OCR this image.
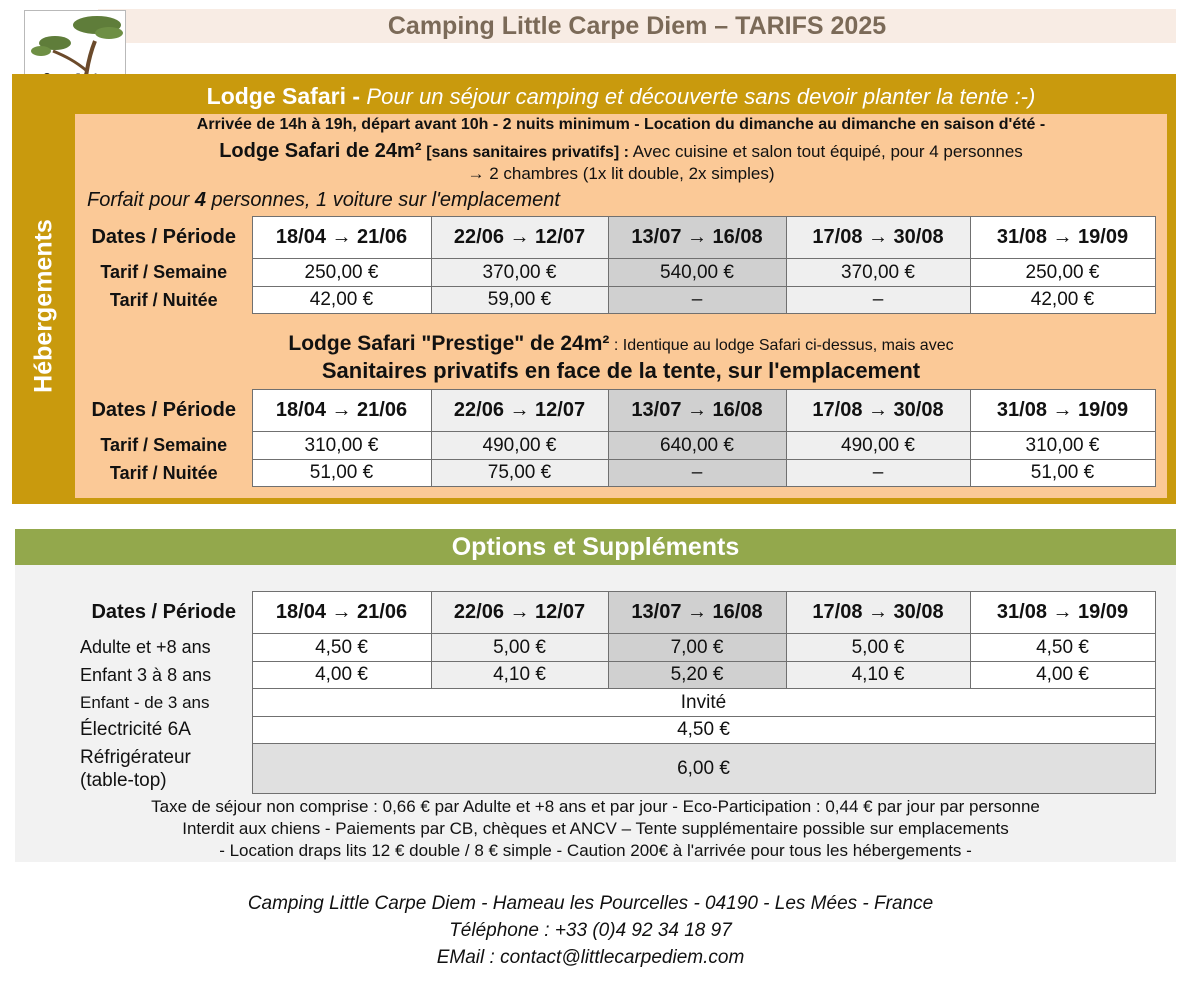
Camping Little Carpe Diem – TARIFS 2025
Lodge Safari - Pour un séjour camping et découverte sans devoir planter la tente :-)
Hébergements
Arrivée de 14h à 19h, départ avant 10h - 2 nuits minimum - Location du dimanche au dimanche en saison d'été -
Lodge Safari de 24m² [sans sanitaires privatifs] : Avec cuisine et salon tout équipé, pour 4 personnes
→ 2 chambres (1x lit double, 2x simples)
Forfait pour 4 personnes, 1 voiture sur l'emplacement
Dates / Période	18/04 → 21/06	22/06 → 12/07	13/07 → 16/08	17/08 → 30/08	31/08 → 19/09
Tarif / Semaine	250,00 €	370,00 €	540,00 €	370,00 €	250,00 €
Tarif / Nuitée	42,00 €	59,00 €	–	–	42,00 €
Lodge Safari "Prestige" de 24m² : Identique au lodge Safari ci-dessus, mais avec
Sanitaires privatifs en face de la tente, sur l'emplacement
Dates / Période	18/04 → 21/06	22/06 → 12/07	13/07 → 16/08	17/08 → 30/08	31/08 → 19/09
Tarif / Semaine	310,00 €	490,00 €	640,00 €	490,00 €	310,00 €
Tarif / Nuitée	51,00 €	75,00 €	–	–	51,00 €
Options et Suppléments
Dates / Période	18/04 → 21/06	22/06 → 12/07	13/07 → 16/08	17/08 → 30/08	31/08 → 19/09
Adulte et +8 ans	4,50 €	5,00 €	7,00 €	5,00 €	4,50 €
Enfant 3 à 8 ans	4,00 €	4,10 €	5,20 €	4,10 €	4,00 €
Enfant - de 3 ans	Invité				
Électricité 6A	4,50 €				

Réfrigérateur
(table-top)	6,00 €				
Taxe de séjour non comprise : 0,66 € par Adulte et +8 ans et par jour - Eco-Participation : 0,44 € par jour par personne
Interdit aux chiens - Paiements par CB, chèques et ANCV – Tente supplémentaire possible sur emplacements
- Location draps lits 12 € double / 8 € simple - Caution 200€ à l'arrivée pour tous les hébergements -
Camping Little Carpe Diem - Hameau les Pourcelles - 04190 - Les Mées - France
Téléphone : +33 (0)4 92 34 18 97
EMail : contact@littlecarpediem.com
